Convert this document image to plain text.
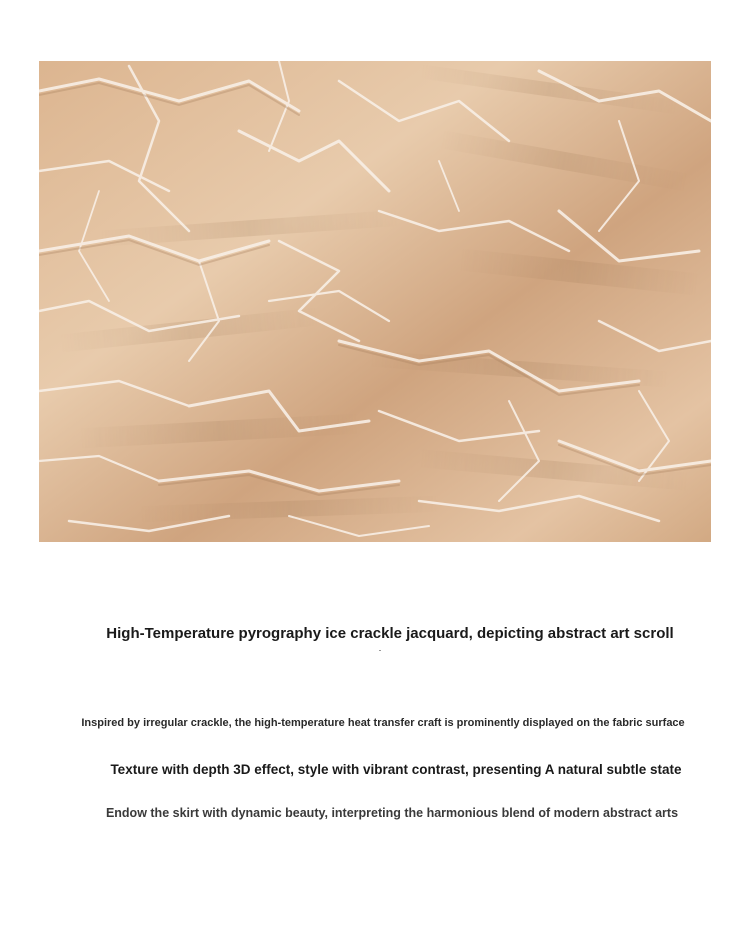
High-Temperature pyrography ice crackle jacquard, depicting abstract art scroll
Inspired by irregular crackle, the high-temperature heat transfer craft is prominently displayed on the fabric surface
Texture with depth 3D effect, style with vibrant contrast, presenting A natural subtle state
Endow the skirt with dynamic beauty, interpreting the harmonious blend of modern abstract arts
